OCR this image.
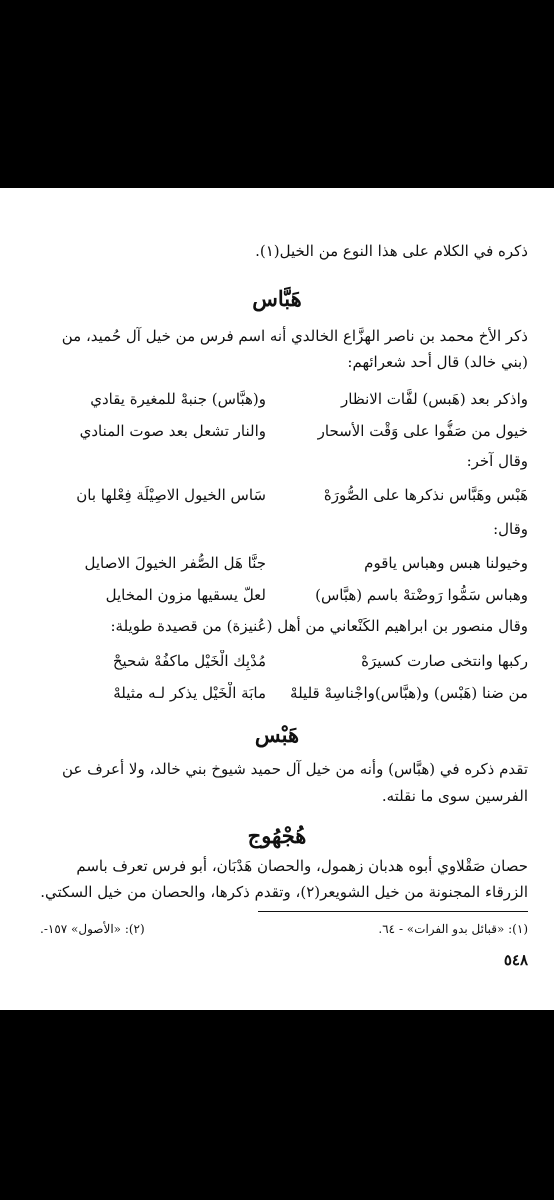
ذكره في الكلام على هذا النوع من الخيل(١).
هَبَّاس
ذكر الأخ محمد بن ناصر الهزَّاع الخالدي أنه اسم فرس من خيل آل حُميد، من
(بني خالد) قال أحد شعرائهم:
واذكر بعد (هَبس) لفَّات الانظار
و(هبَّاس) جنبهْ للمغيرة يقادي
خيول من صَفُّوا على وَقْت الأسحار
والنار تشعل بعد صوت المنادي
وقال آخر:
هَبْس وهَبَّاس نذكرها على الصُّورَهْ
سَاس الخيول الاصِيْلَة فِعْلها بان
وقال:
وخيولنا هبس وهباس ياقوم
جنَّا هَل الصُّفر الخيولَ الاصايل
وهباس سَمُّوا رَوضْتهْ باسم (هبَّاس)
لعلّ يسقيها مزون المخايل
وقال منصور بن ابراهيم الكَنْعاني من أهل (عُنيزة) من قصيدة طويلة:
ركبها وانتخى صارت كسيرَهْ
مُدْبِك الْخَيْل ماكفُهْ شحيحْ
من ضنا (هَبْس) و(هبَّاس)واجْناسِهْ قليلهْ
مابَة الْخَيْل يذكر لـه مثيلهْ
هَبْس
تقدم ذكره في (هبَّاس) وأنه من خيل آل حميد شيوخ بني خالد، ولا أعرف عن
الفرسين سوى ما نقلته.
هُجْهُوج
حصان صَقْلاوي أبوه هدبان زهمول، والحصان هَدْبَان، أبو فرس تعرف باسم
الزرقاء المجنونة من خيل الشويعر(٢)، وتقدم ذكرها، والحصان من خيل السكتي.
(١): «قبائل بدو الفرات» - ٦٤.
(٢): «الأصول» ١٥٧-.
٥٤٨
